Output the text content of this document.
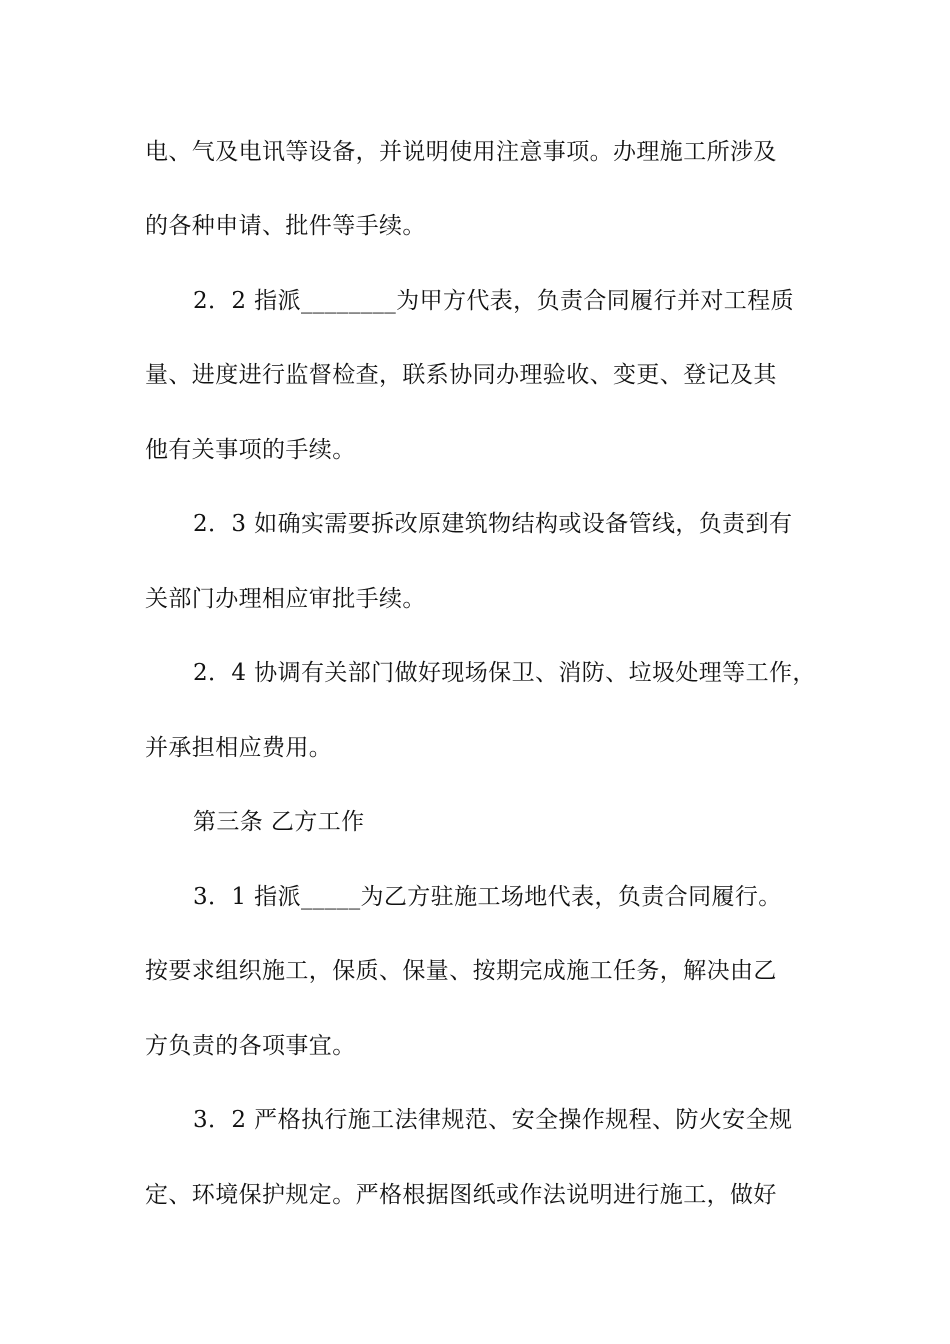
电、气及电讯等设备，并说明使用注意事项。办理施工所涉及
的各种申请、批件等手续。
2．2 指派________为甲方代表，负责合同履行并对工程质
量、进度进行监督检查，联系协同办理验收、变更、登记及其
他有关事项的手续。
2．3 如确实需要拆改原建筑物结构或设备管线，负责到有
关部门办理相应审批手续。
2．4 协调有关部门做好现场保卫、消防、垃圾处理等工作，
并承担相应费用。
第三条 乙方工作
3．1 指派_____为乙方驻施工场地代表，负责合同履行。
按要求组织施工，保质、保量、按期完成施工任务，解决由乙
方负责的各项事宜。
3．2 严格执行施工法律规范、安全操作规程、防火安全规
定、环境保护规定。严格根据图纸或作法说明进行施工，做好
